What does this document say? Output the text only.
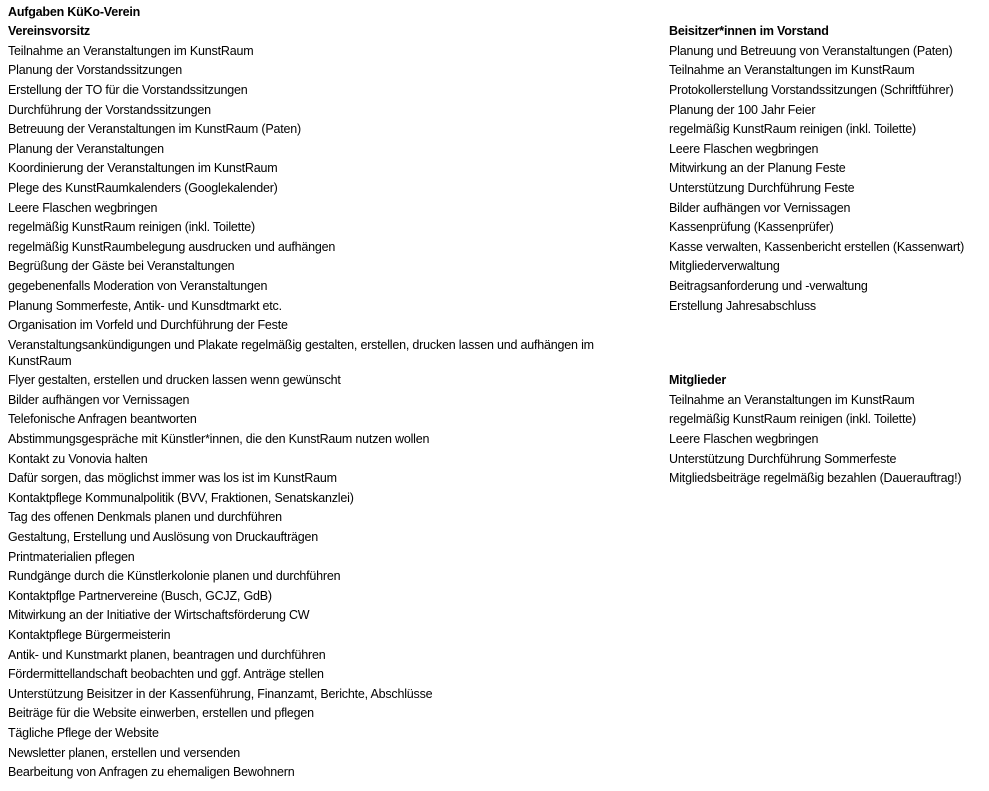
Aufgaben KüKo-Verein
Vereinsvorsitz
Teilnahme an Veranstaltungen im KunstRaum
Planung der Vorstandssitzungen
Erstellung der TO für die Vorstandssitzungen
Durchführung der Vorstandssitzungen
Betreuung der Veranstaltungen im KunstRaum (Paten)
Planung der Veranstaltungen
Koordinierung der Veranstaltungen im KunstRaum
Plege des KunstRaumkalenders (Googlekalender)
Leere Flaschen wegbringen
regelmäßig KunstRaum reinigen (inkl. Toilette)
regelmäßig KunstRaumbelegung ausdrucken und aufhängen
Begrüßung der Gäste bei Veranstaltungen
gegebenenfalls Moderation von Veranstaltungen
Planung Sommerfeste, Antik- und Kunsdtmarkt etc.
Organisation im Vorfeld und Durchführung der Feste
Veranstaltungsankündigungen und Plakate regelmäßig gestalten, erstellen, drucken lassen und aufhängen im KunstRaum
Flyer gestalten, erstellen und drucken lassen wenn gewünscht
Bilder aufhängen vor Vernissagen
Telefonische Anfragen beantworten
Abstimmungsgespräche mit Künstler*innen, die den KunstRaum nutzen wollen
Kontakt zu Vonovia halten
Dafür sorgen, das möglichst immer was los ist im KunstRaum
Kontaktpflege Kommunalpolitik (BVV, Fraktionen, Senatskanzlei)
Tag des offenen Denkmals planen und durchführen
Gestaltung, Erstellung und Auslösung von Druckaufträgen
Printmaterialien pflegen
Rundgänge durch die Künstlerkolonie planen und durchführen
Kontaktpflge Partnervereine (Busch, GCJZ, GdB)
Mitwirkung an der Initiative der Wirtschaftsförderung CW
Kontaktpflege Bürgermeisterin
Antik- und Kunstmarkt planen, beantragen und durchführen
Fördermittellandschaft beobachten und ggf. Anträge stellen
Unterstützung Beisitzer in der Kassenführung, Finanzamt, Berichte, Abschlüsse
Beiträge für die Website einwerben, erstellen und pflegen
Tägliche Pflege der Website
Newsletter planen, erstellen und versenden
Bearbeitung von Anfragen zu ehemaligen Bewohnern
Beisitzer*innen im Vorstand
Planung und Betreuung von Veranstaltungen (Paten)
Teilnahme an Veranstaltungen im KunstRaum
Protokollerstellung Vorstandssitzungen (Schriftführer)
Planung der 100 Jahr Feier
regelmäßig KunstRaum reinigen (inkl. Toilette)
Leere Flaschen wegbringen
Mitwirkung an der Planung Feste
Unterstützung Durchführung Feste
Bilder aufhängen vor Vernissagen
Kassenprüfung (Kassenprüfer)
Kasse verwalten, Kassenbericht erstellen (Kassenwart)
Mitgliederverwaltung
Beitragsanforderung und -verwaltung
Erstellung Jahresabschluss
Mitglieder
Teilnahme an Veranstaltungen im KunstRaum
regelmäßig KunstRaum reinigen (inkl. Toilette)
Leere Flaschen wegbringen
Unterstützung Durchführung Sommerfeste
Mitgliedsbeiträge regelmäßig bezahlen (Dauerauftrag!)
